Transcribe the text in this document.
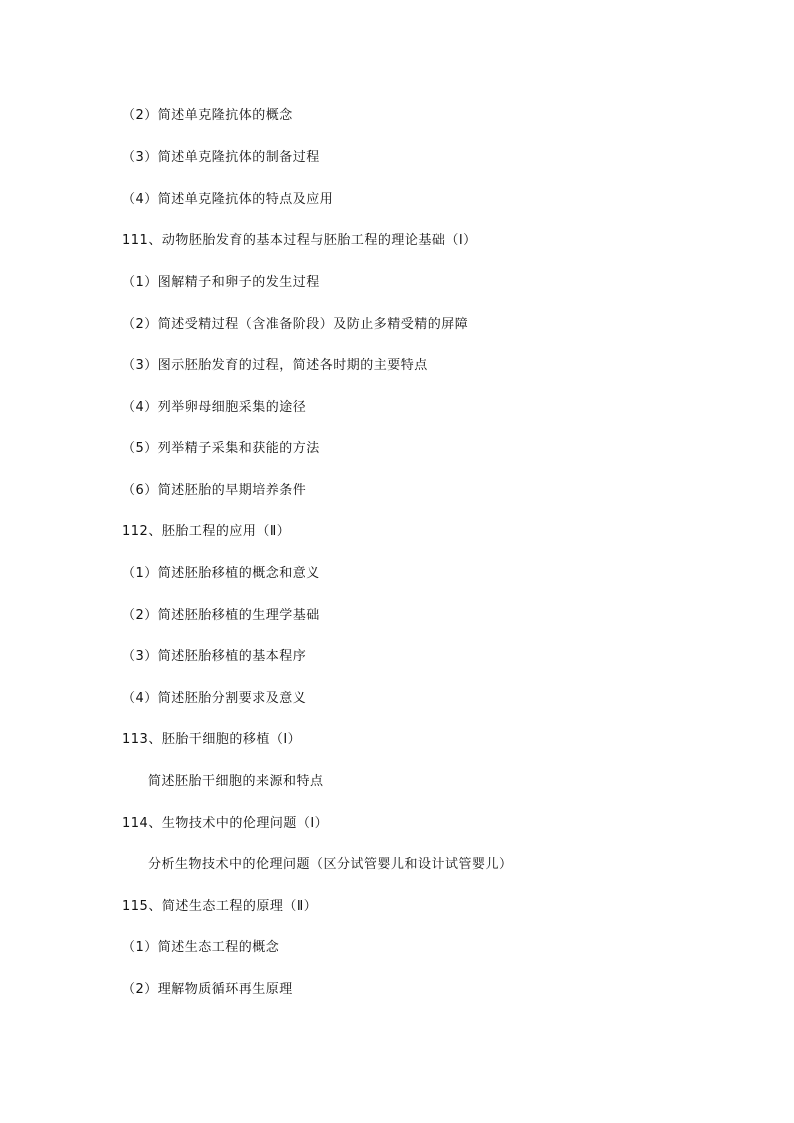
（2）简述单克隆抗体的概念
（3）简述单克隆抗体的制备过程
（4）简述单克隆抗体的特点及应用
111、动物胚胎发育的基本过程与胚胎工程的理论基础（Ⅰ）
（1）图解精子和卵子的发生过程
（2）简述受精过程（含准备阶段）及防止多精受精的屏障
（3）图示胚胎发育的过程，简述各时期的主要特点
（4）列举卵母细胞采集的途径
（5）列举精子采集和获能的方法
（6）简述胚胎的早期培养条件
112、胚胎工程的应用（Ⅱ）
（1）简述胚胎移植的概念和意义
（2）简述胚胎移植的生理学基础
（3）简述胚胎移植的基本程序
（4）简述胚胎分割要求及意义
113、胚胎干细胞的移植（Ⅰ）
简述胚胎干细胞的来源和特点
114、生物技术中的伦理问题（Ⅰ）
分析生物技术中的伦理问题（区分试管婴儿和设计试管婴儿）
115、简述生态工程的原理（Ⅱ）
（1）简述生态工程的概念
（2）理解物质循环再生原理
